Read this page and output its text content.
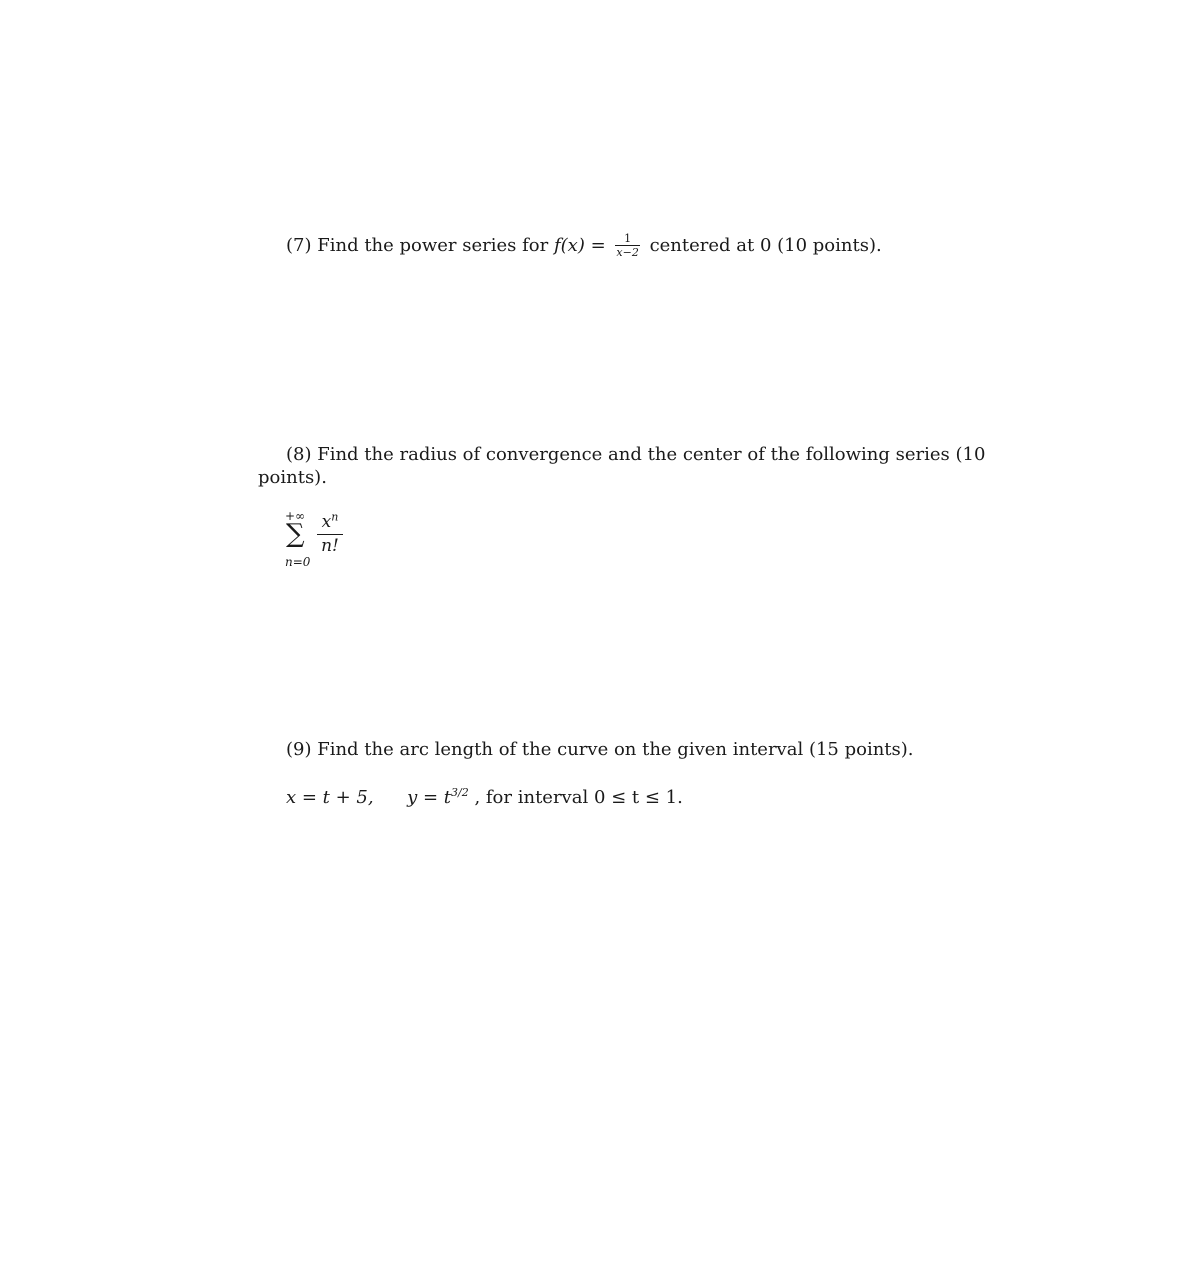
(7) Find the power series for $f(x) = \frac{1}{x-2}$ centered at 0 (10 points).
(8) Find the radius of convergence and the center of the following series (10
points).
+∞
∑
n=0
$\frac{x^n}{n!}$
(9) Find the arc length of the curve on the given interval (15 points).
x = t + 5, $y = t^{3/2}$ , for interval 0 ≤ t ≤ 1.
